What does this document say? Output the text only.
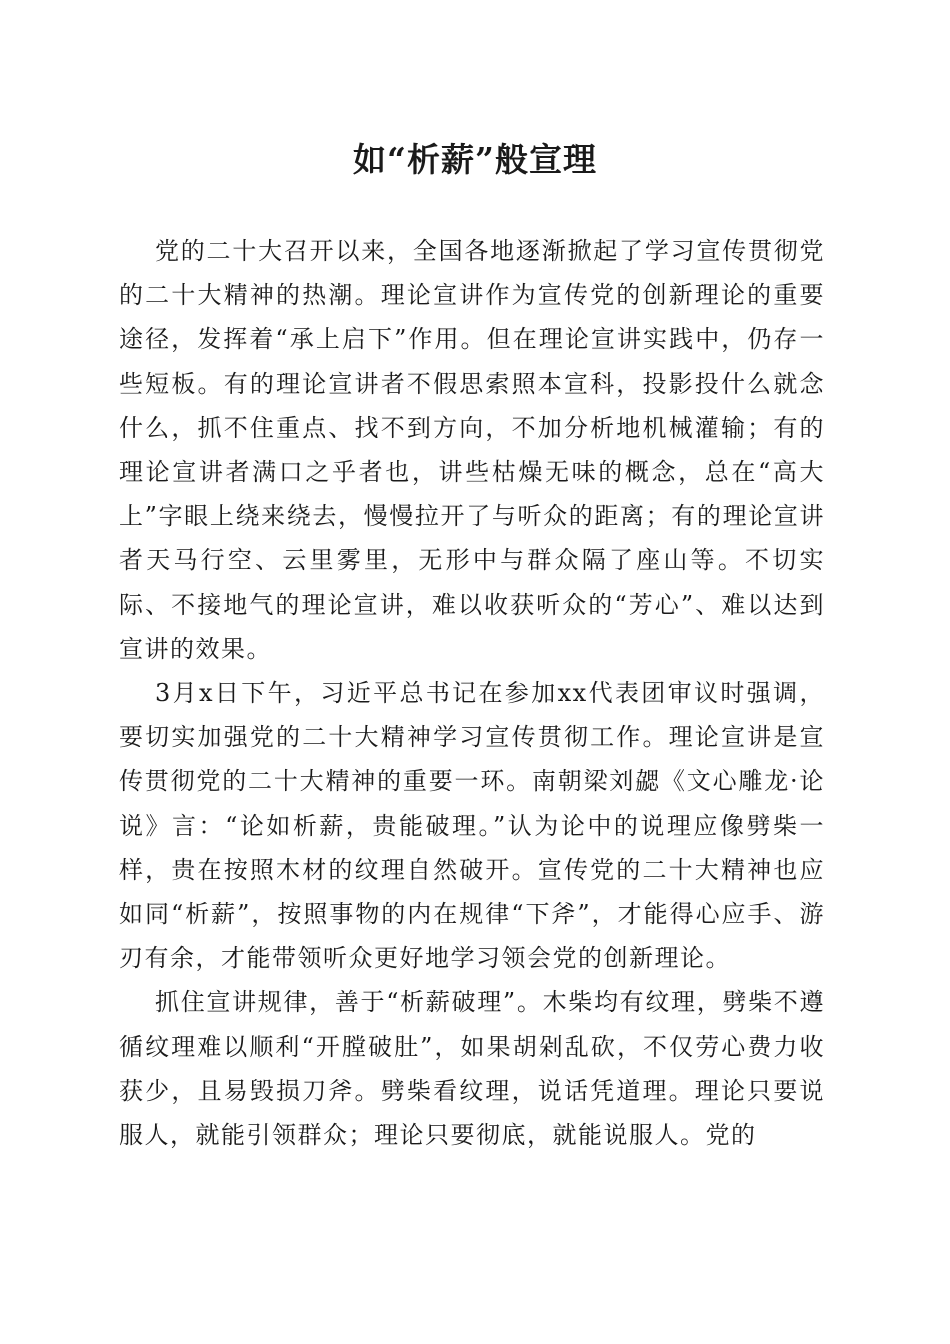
如“析薪”般宣理

党的二十大召开以来，全国各地逐渐掀起了学习宣传贯彻党的二十大精神的热潮。理论宣讲作为宣传党的创新理论的重要途径，发挥着“承上启下”作用。但在理论宣讲实践中，仍存一些短板。有的理论宣讲者不假思索照本宣科，投影投什么就念什么，抓不住重点、找不到方向，不加分析地机械灌输；有的理论宣讲者满口之乎者也，讲些枯燥无味的概念，总在“高大上”字眼上绕来绕去，慢慢拉开了与听众的距离；有的理论宣讲者天马行空、云里雾里，无形中与群众隔了座山等。不切实际、不接地气的理论宣讲，难以收获听众的“芳心”、难以达到宣讲的效果。

3月x日下午，习近平总书记在参加xx代表团审议时强调，要切实加强党的二十大精神学习宣传贯彻工作。理论宣讲是宣传贯彻党的二十大精神的重要一环。南朝梁刘勰《文心雕龙·论说》言：“论如析薪，贵能破理。”认为论中的说理应像劈柴一样，贵在按照木材的纹理自然破开。宣传党的二十大精神也应如同“析薪”，按照事物的内在规律“下斧”，才能得心应手、游刃有余，才能带领听众更好地学习领会党的创新理论。

抓住宣讲规律，善于“析薪破理”。木柴均有纹理，劈柴不遵循纹理难以顺利“开膛破肚”，如果胡剁乱砍，不仅劳心费力收获少，且易毁损刀斧。劈柴看纹理，说话凭道理。理论只要说服人，就能引领群众；理论只要彻底，就能说服人。党的
